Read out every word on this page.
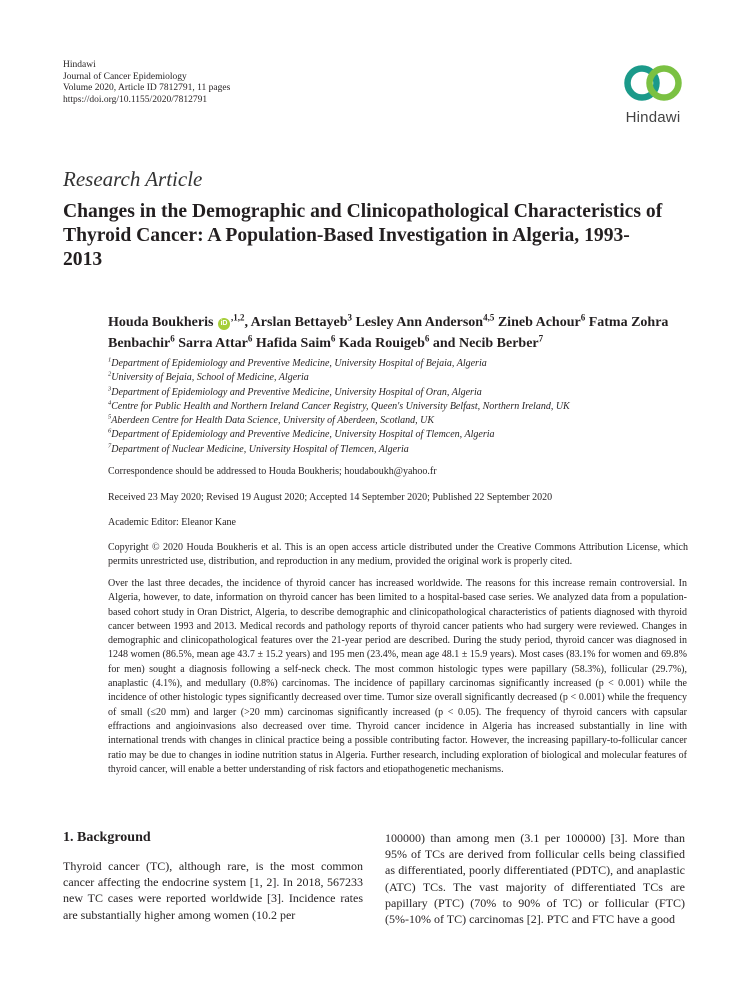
Hindawi
Journal of Cancer Epidemiology
Volume 2020, Article ID 7812791, 11 pages
https://doi.org/10.1155/2020/7812791
Hindawi
Research Article
Changes in the Demographic and Clinicopathological Characteristics of Thyroid Cancer: A Population-Based Investigation in Algeria, 1993-2013
Houda Boukheris $iD^{,1,2}$, Arslan Bettayeb$^3$ Lesley Ann Anderson$^{4,5}$ Zineb Achour$^6$ Fatma Zohra Benbachir$^6$ Sarra Attar$^6$ Hafida Saim$^6$ Kada Rouigeb$^6$ and Necib Berber$^7$
$^1$Department of Epidemiology and Preventive Medicine, University Hospital of Bejaia, Algeria
$^2$University of Bejaia, School of Medicine, Algeria
$^3$Department of Epidemiology and Preventive Medicine, University Hospital of Oran, Algeria
$^4$Centre for Public Health and Northern Ireland Cancer Registry, Queen's University Belfast, Northern Ireland, UK
$^5$Aberdeen Centre for Health Data Science, University of Aberdeen, Scotland, UK
$^6$Department of Epidemiology and Preventive Medicine, University Hospital of Tlemcen, Algeria
$^7$Department of Nuclear Medicine, University Hospital of Tlemcen, Algeria
Correspondence should be addressed to Houda Boukheris; houdaboukh@yahoo.fr
Received 23 May 2020; Revised 19 August 2020; Accepted 14 September 2020; Published 22 September 2020
Academic Editor: Eleanor Kane
Copyright © 2020 Houda Boukheris et al. This is an open access article distributed under the Creative Commons Attribution License, which permits unrestricted use, distribution, and reproduction in any medium, provided the original work is properly cited.
Over the last three decades, the incidence of thyroid cancer has increased worldwide. The reasons for this increase remain controversial. In Algeria, however, to date, information on thyroid cancer has been limited to a hospital-based case series. We analyzed data from a population-based cohort study in Oran District, Algeria, to describe demographic and clinicopathological characteristics of patients diagnosed with thyroid cancer between 1993 and 2013. Medical records and pathology reports of thyroid cancer patients who had surgery were reviewed. Changes in demographic and clinicopathological features over the 21-year period are described. During the study period, thyroid cancer was diagnosed in 1248 women (86.5%, mean age 43.7 ± 15.2 years) and 195 men (23.4%, mean age 48.1 ± 15.9 years). Most cases (83.1% for women and 69.8% for men) sought a diagnosis following a self-neck check. The most common histologic types were papillary (58.3%), follicular (29.7%), anaplastic (4.1%), and medullary (0.8%) carcinomas. The incidence of papillary carcinomas significantly increased (p < 0.001) while the incidence of other histologic types significantly decreased over time. Tumor size overall significantly decreased (p < 0.001) while the frequency of small (≤20 mm) and larger (>20 mm) carcinomas significantly increased (p < 0.05). The frequency of thyroid cancers with capsular effractions and angioinvasions also decreased over time. Thyroid cancer incidence in Algeria has increased substantially in line with international trends with changes in clinical practice being a possible contributing factor. However, the increasing papillary-to-follicular cancer ratio may be due to changes in iodine nutrition status in Algeria. Further research, including exploration of biological and molecular features of thyroid cancer, will enable a better understanding of risk factors and etiopathogenetic mechanisms.
1. Background
Thyroid cancer (TC), although rare, is the most common cancer affecting the endocrine system [1, 2]. In 2018, 567233 new TC cases were reported worldwide [3]. Incidence rates are substantially higher among women (10.2 per
100000) than among men (3.1 per 100000) [3]. More than 95% of TCs are derived from follicular cells being classified as differentiated, poorly differentiated (PDTC), and anaplastic (ATC) TCs. The vast majority of differentiated TCs are papillary (PTC) (70% to 90% of TC) or follicular (FTC) (5%-10% of TC) carcinomas [2]. PTC and FTC have a good
